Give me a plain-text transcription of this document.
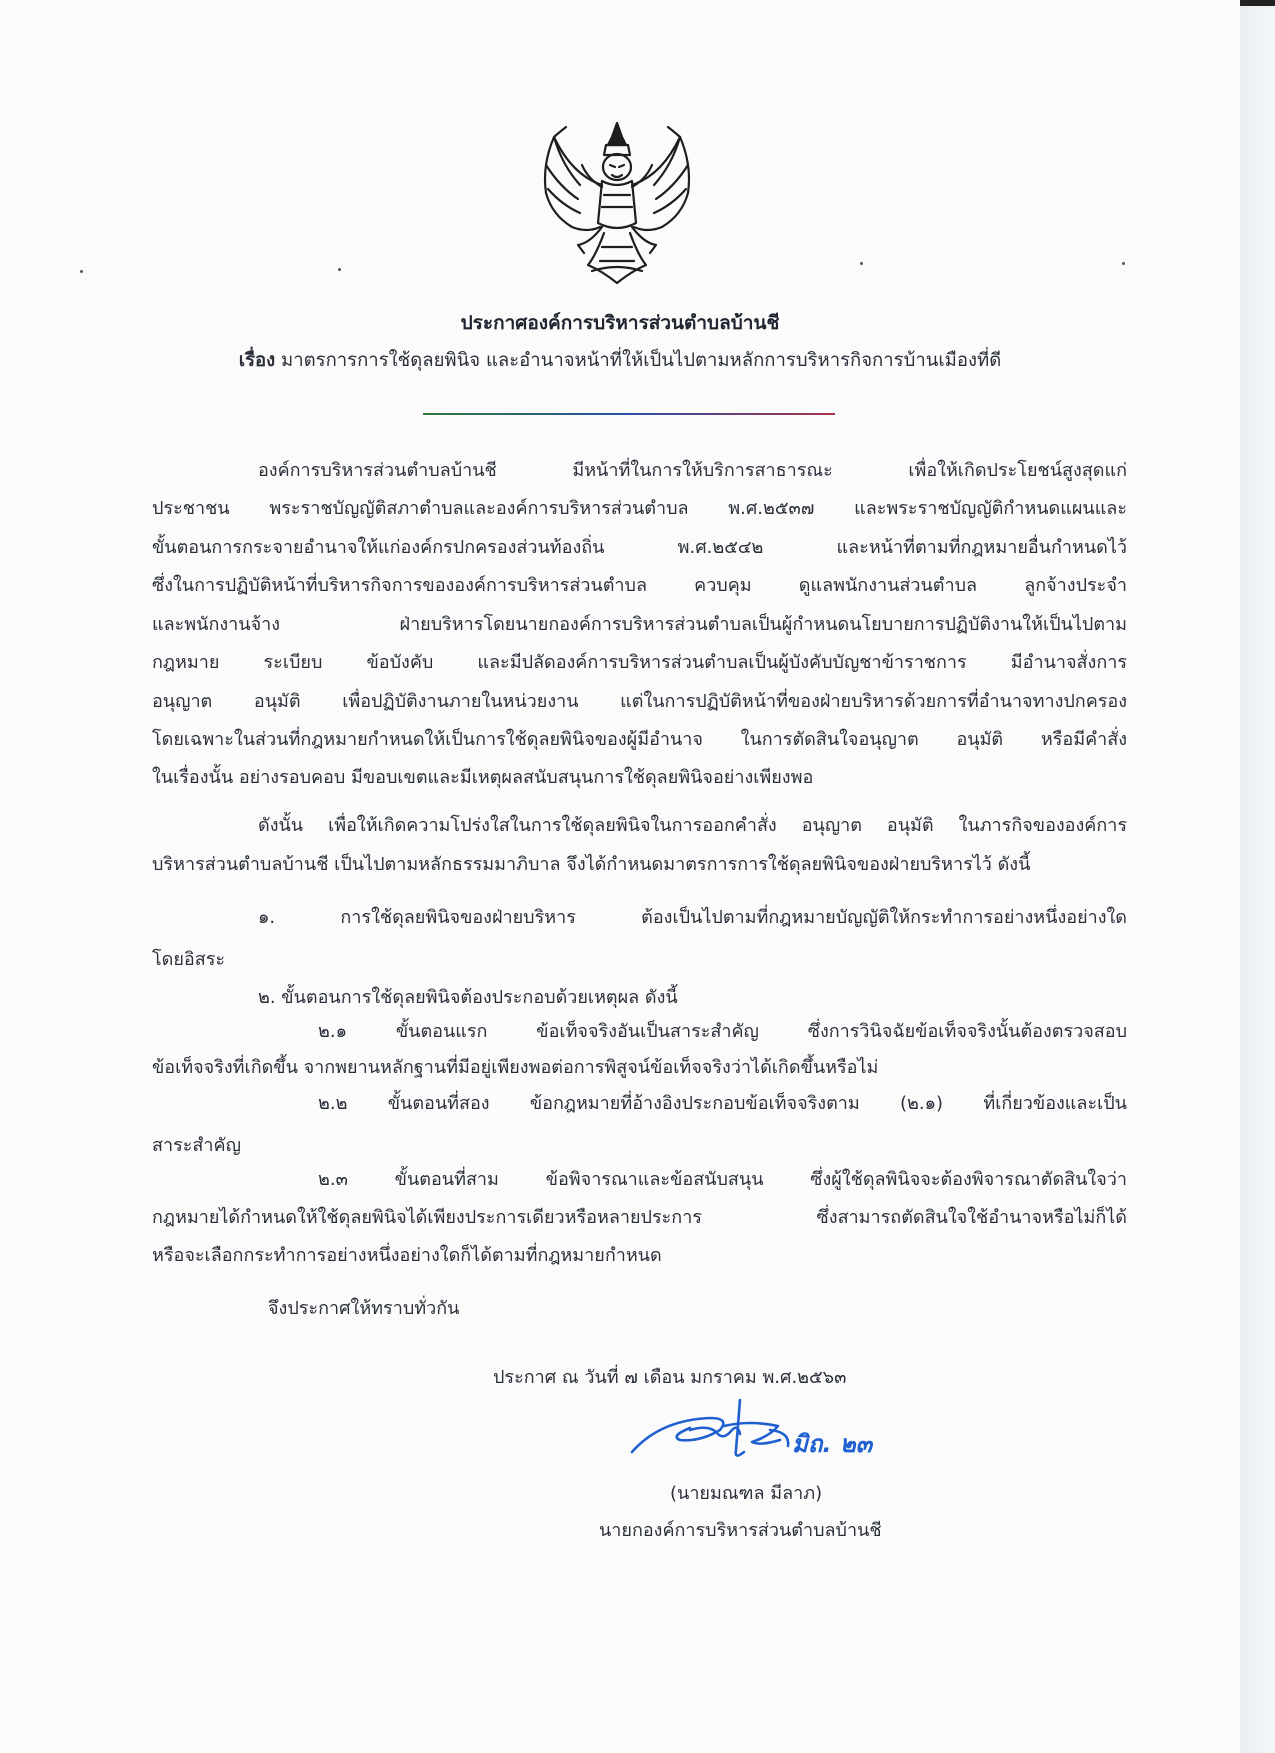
ประกาศองค์การบริหารส่วนตำบลบ้านชี
เรื่อง มาตรการการใช้ดุลยพินิจ และอำนาจหน้าที่ให้เป็นไปตามหลักการบริหารกิจการบ้านเมืองที่ดี
องค์การบริหารส่วนตำบลบ้านชี มีหน้าที่ในการให้บริการสาธารณะ เพื่อให้เกิดประโยชน์สูงสุดแก่
ประชาชน พระราชบัญญัติสภาตำบลและองค์การบริหารส่วนตำบล พ.ศ.๒๕๓๗ และพระราชบัญญัติกำหนดแผนและ
ขั้นตอนการกระจายอำนาจให้แก่องค์กรปกครองส่วนท้องถิ่น พ.ศ.๒๕๔๒ และหน้าที่ตามที่กฎหมายอื่นกำหนดไว้
ซึ่งในการปฏิบัติหน้าที่บริหารกิจการขององค์การบริหารส่วนตำบล ควบคุม ดูแลพนักงานส่วนตำบล ลูกจ้างประจำ
และพนักงานจ้าง ฝ่ายบริหารโดยนายกองค์การบริหารส่วนตำบลเป็นผู้กำหนดนโยบายการปฏิบัติงานให้เป็นไปตาม
กฎหมาย ระเบียบ ข้อบังคับ และมีปลัดองค์การบริหารส่วนตำบลเป็นผู้บังคับบัญชาข้าราชการ มีอำนาจสั่งการ
อนุญาต อนุมัติ เพื่อปฏิบัติงานภายในหน่วยงาน แต่ในการปฏิบัติหน้าที่ของฝ่ายบริหารด้วยการที่อำนาจทางปกครอง
โดยเฉพาะในส่วนที่กฎหมายกำหนดให้เป็นการใช้ดุลยพินิจของผู้มีอำนาจ ในการตัดสินใจอนุญาต อนุมัติ หรือมีคำสั่ง
ในเรื่องนั้น อย่างรอบคอบ มีขอบเขตและมีเหตุผลสนับสนุนการใช้ดุลยพินิจอย่างเพียงพอ
ดังนั้น เพื่อให้เกิดความโปร่งใสในการใช้ดุลยพินิจในการออกคำสั่ง อนุญาต อนุมัติ ในภารกิจขององค์การ
บริหารส่วนตำบลบ้านชี เป็นไปตามหลักธรรมมาภิบาล จึงได้กำหนดมาตรการการใช้ดุลยพินิจของฝ่ายบริหารไว้ ดังนี้
๑. การใช้ดุลยพินิจของฝ่ายบริหาร ต้องเป็นไปตามที่กฎหมายบัญญัติให้กระทำการอย่างหนึ่งอย่างใด
โดยอิสระ
๒. ขั้นตอนการใช้ดุลยพินิจต้องประกอบด้วยเหตุผล ดังนี้
๒.๑ ขั้นตอนแรก ข้อเท็จจริงอันเป็นสาระสำคัญ ซึ่งการวินิจฉัยข้อเท็จจริงนั้นต้องตรวจสอบ
ข้อเท็จจริงที่เกิดขึ้น จากพยานหลักฐานที่มีอยู่เพียงพอต่อการพิสูจน์ข้อเท็จจริงว่าได้เกิดขึ้นหรือไม่
๒.๒ ขั้นตอนที่สอง ข้อกฎหมายที่อ้างอิงประกอบข้อเท็จจริงตาม (๒.๑) ที่เกี่ยวข้องและเป็น
สาระสำคัญ
๒.๓ ขั้นตอนที่สาม ข้อพิจารณาและข้อสนับสนุน ซึ่งผู้ใช้ดุลพินิจจะต้องพิจารณาตัดสินใจว่า
กฎหมายได้กำหนดให้ใช้ดุลยพินิจได้เพียงประการเดียวหรือหลายประการ ซึ่งสามารถตัดสินใจใช้อำนาจหรือไม่ก็ได้
หรือจะเลือกกระทำการอย่างหนึ่งอย่างใดก็ได้ตามที่กฎหมายกำหนด
จึงประกาศให้ทราบทั่วกัน
ประกาศ ณ วันที่ ๗ เดือน มกราคม พ.ศ.๒๕๖๓
มิถ. ๒๓
(นายมณฑล มีลาภ)
นายกองค์การบริหารส่วนตำบลบ้านชี
